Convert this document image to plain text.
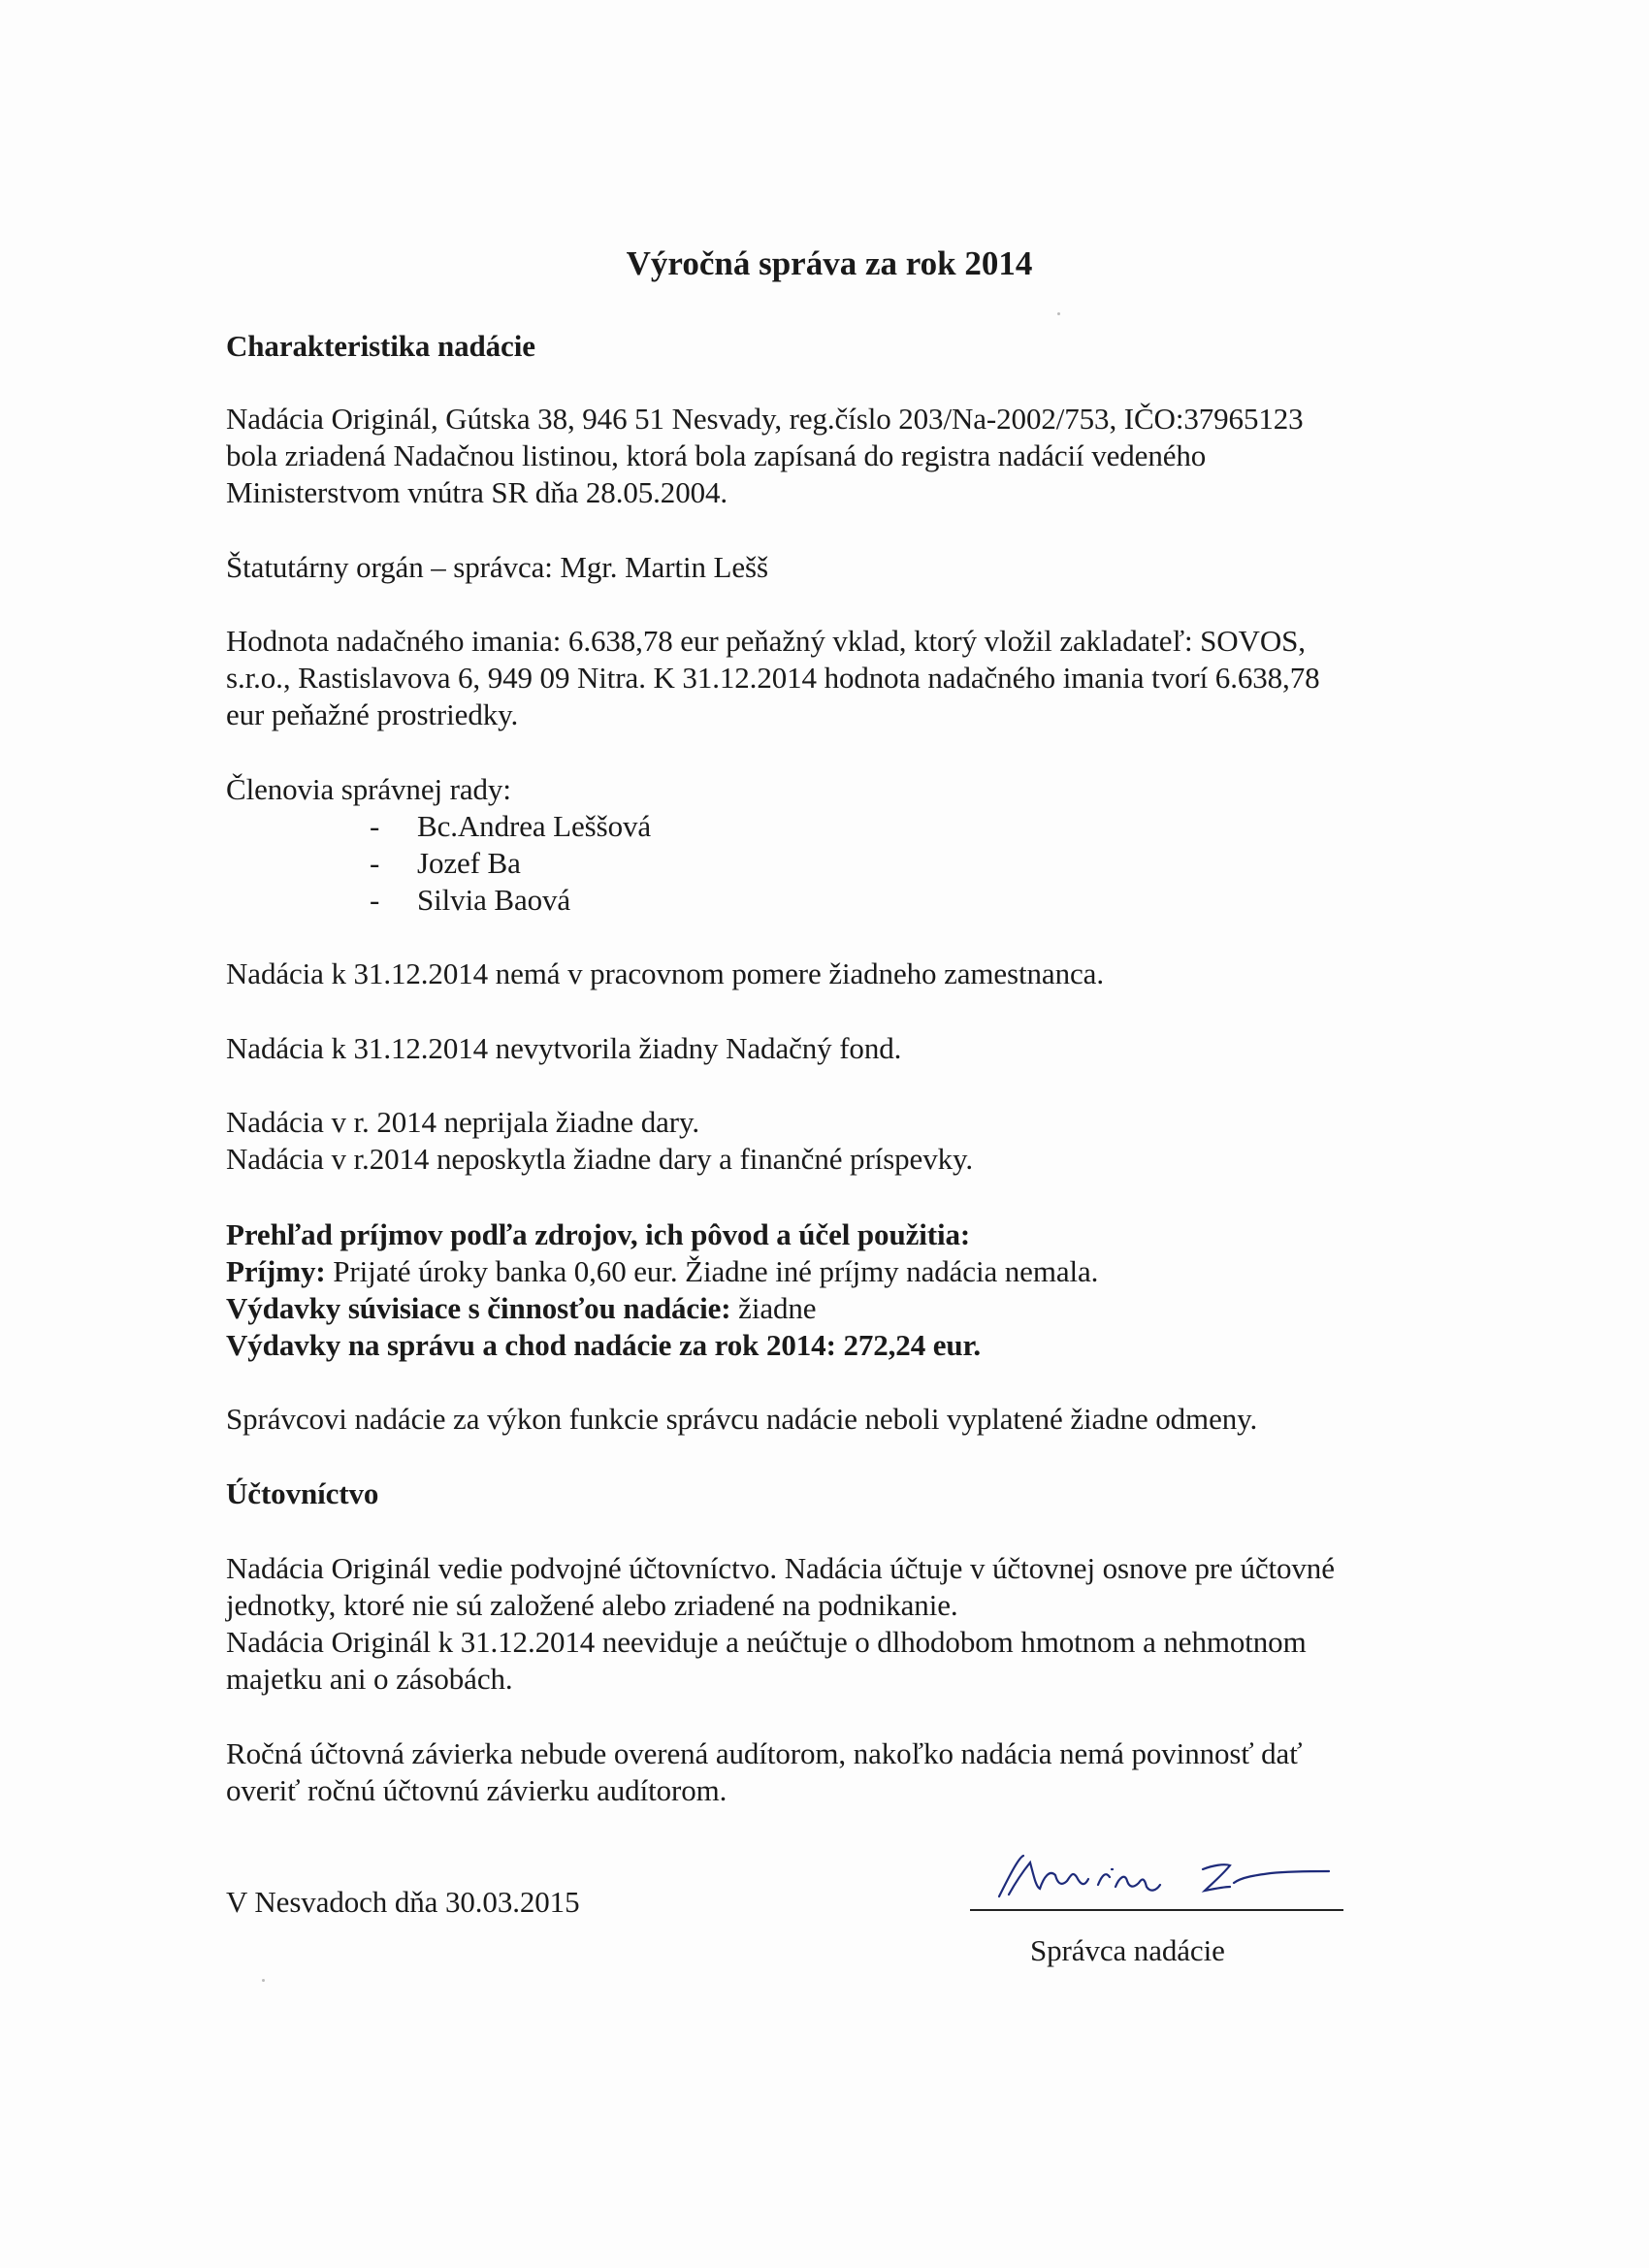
Výročná správa za rok 2014
Charakteristika nadácie
Nadácia Originál, Gútska 38, 946 51 Nesvady, reg.číslo 203/Na-2002/753, IČO:37965123
bola zriadená Nadačnou listinou, ktorá bola zapísaná do registra nadácií vedeného
Ministerstvom vnútra SR dňa 28.05.2004.
Štatutárny orgán – správca: Mgr. Martin Lešš
Hodnota nadačného imania: 6.638,78 eur peňažný vklad, ktorý vložil zakladateľ: SOVOS,
s.r.o., Rastislavova 6, 949 09 Nitra. K 31.12.2014 hodnota nadačného imania tvorí 6.638,78
eur peňažné prostriedky.
Členovia správnej rady:
- Bc.Andrea Leššová
- Jozef Ba
- Silvia Baová
Nadácia k 31.12.2014 nemá v pracovnom pomere žiadneho zamestnanca.
Nadácia k 31.12.2014 nevytvorila žiadny Nadačný fond.
Nadácia v r. 2014 neprijala žiadne dary.
Nadácia v r.2014 neposkytla žiadne dary a finančné príspevky.
Prehľad príjmov podľa zdrojov, ich pôvod a účel použitia:
Príjmy: Prijaté úroky banka 0,60 eur. Žiadne iné príjmy nadácia nemala.
Výdavky súvisiace s činnosťou nadácie: žiadne
Výdavky na správu a chod nadácie za rok 2014: 272,24 eur.
Správcovi nadácie za výkon funkcie správcu nadácie neboli vyplatené žiadne odmeny.
Účtovníctvo
Nadácia Originál vedie podvojné účtovníctvo. Nadácia účtuje v účtovnej osnove pre účtovné
jednotky, ktoré nie sú založené alebo zriadené na podnikanie.
Nadácia Originál k 31.12.2014 neeviduje a neúčtuje o dlhodobom hmotnom a nehmotnom
majetku ani o zásobách.
Ročná účtovná závierka nebude overená audítorom, nakoľko nadácia nemá povinnosť dať
overiť ročnú účtovnú závierku audítorom.
V Nesvadoch dňa 30.03.2015
Správca nadácie
